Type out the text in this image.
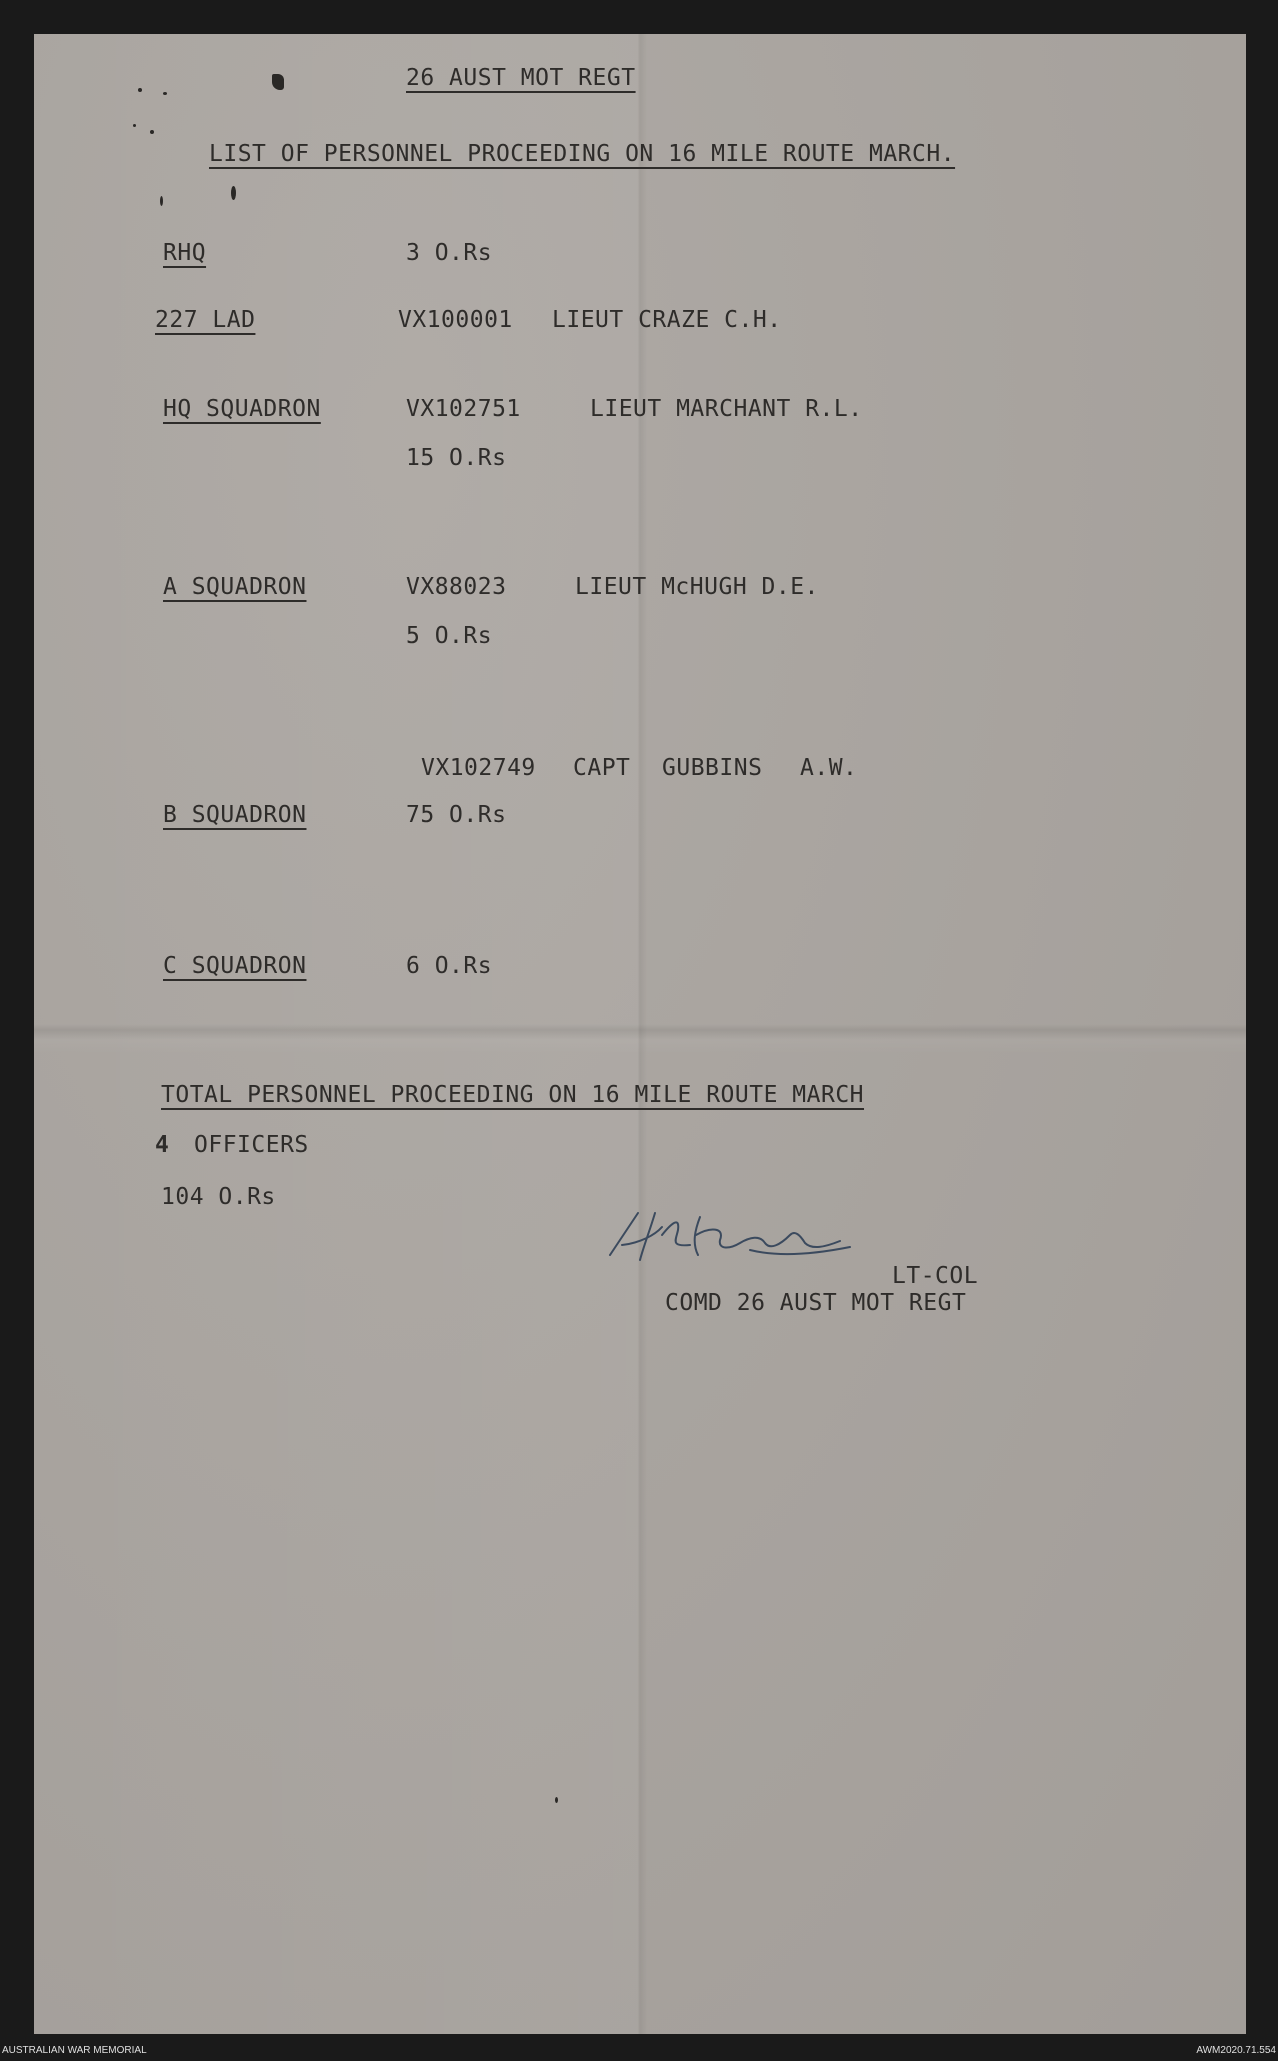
26 AUST MOT REGT
LIST OF PERSONNEL PROCEEDING ON 16 MILE ROUTE MARCH.
RHQ	3 O.Rs
227 LAD	VX100001 LIEUT CRAZE C.H.
HQ SQUADRON	VX102751	LIEUT MARCHANT R.L.
15 O.Rs
A SQUADRON	VX88023	LIEUT McHUGH D.E.
5 O.Rs
VX102749 CAPT GUBBINS A.W.
B SQUADRON	75 O.Rs
C SQUADRON	6 O.Rs
TOTAL PERSONNEL PROCEEDING ON 16 MILE ROUTE MARCH
4 OFFICERS
104 O.Rs
LT-COL
COMD 26 AUST MOT REGT
AUSTRALIAN WAR MEMORIAL	AWM2020.71.554
